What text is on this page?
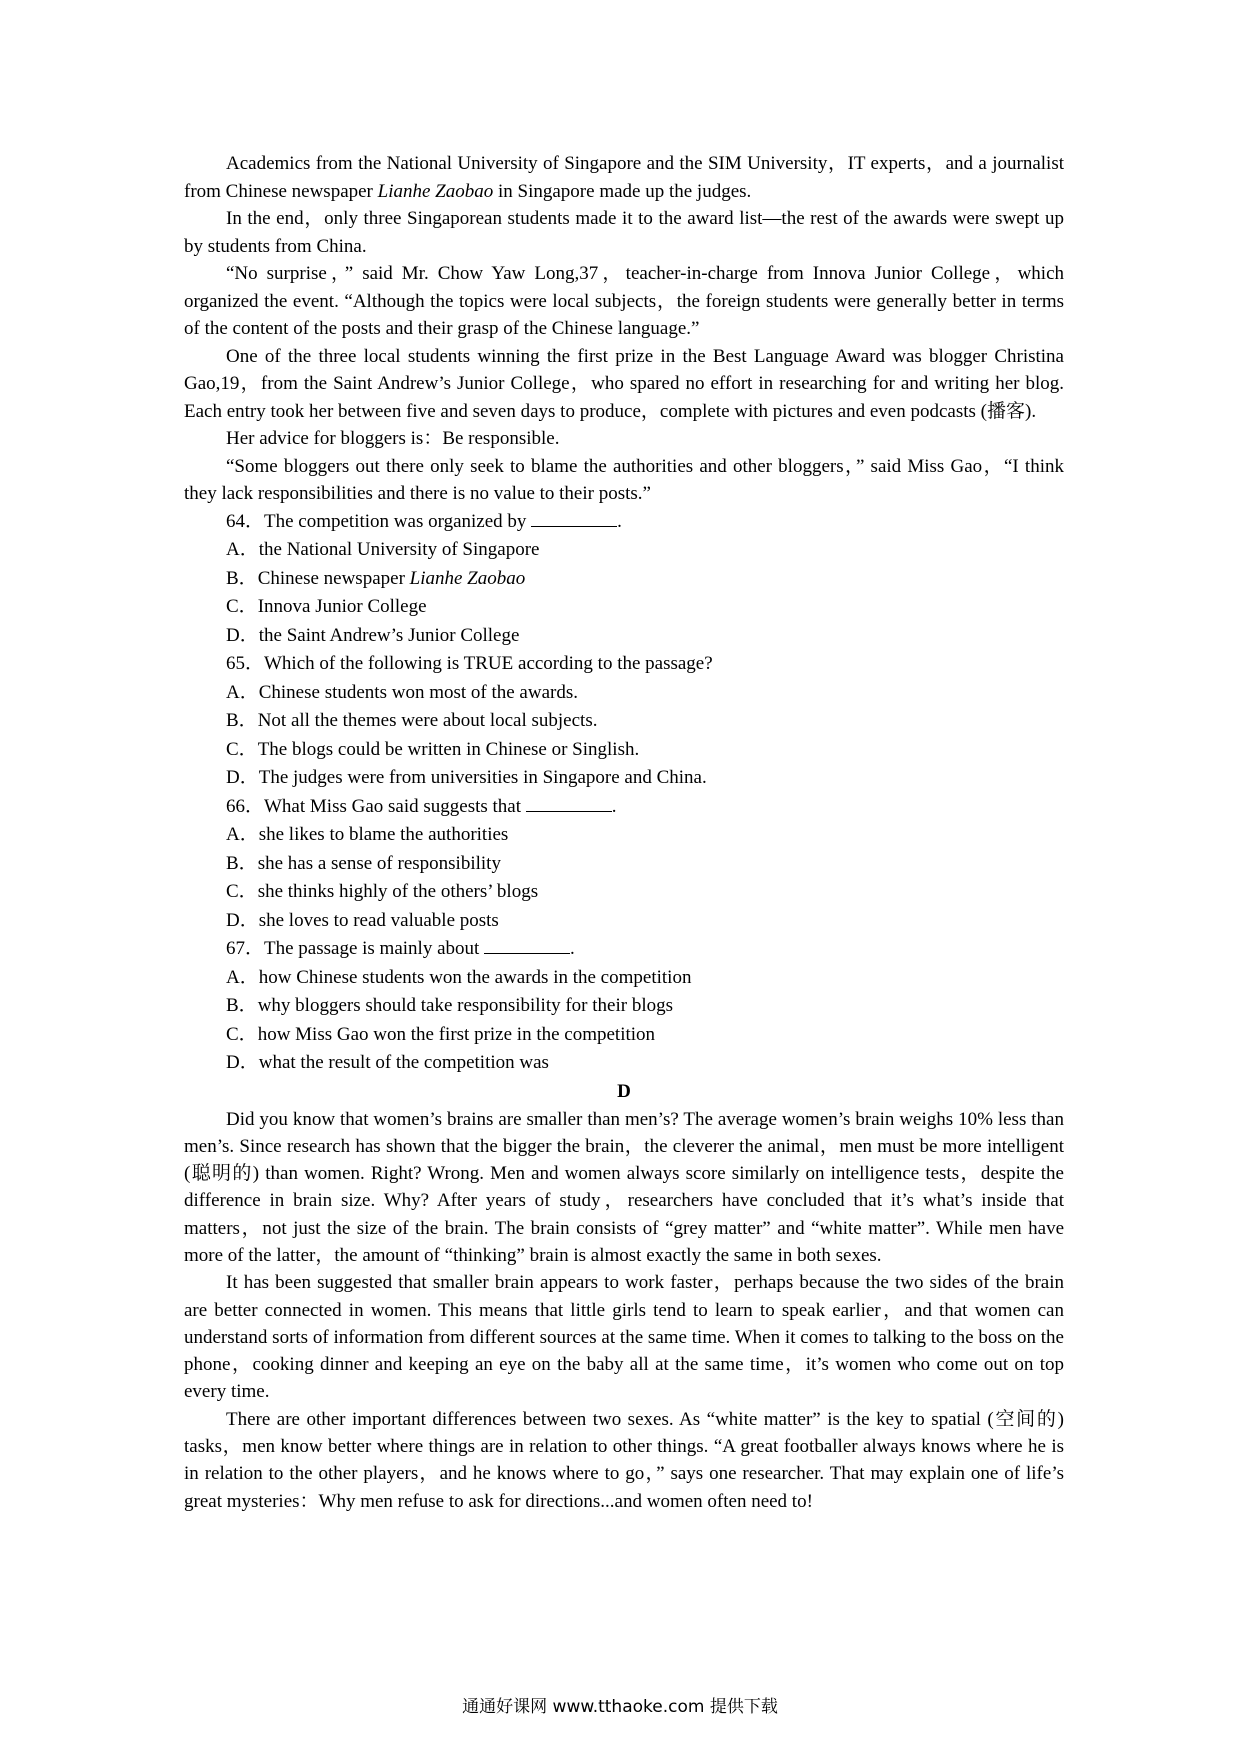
Academics from the National University of Singapore and the SIM University，IT experts，and a journalist from Chinese newspaper Lianhe Zaobao in Singapore made up the judges.

In the end，only three Singaporean students made it to the award list—the rest of the awards were swept up by students from China.

“No surprise，” said Mr. Chow Yaw Long,37，teacher-in-charge from Innova Junior College，which organized the event. “Although the topics were local subjects，the foreign students were generally better in terms of the content of the posts and their grasp of the Chinese language.”

One of the three local students winning the first prize in the Best Language Award was blogger Christina Gao,19，from the Saint Andrew’s Junior College，who spared no effort in researching for and writing her blog. Each entry took her between five and seven days to produce，complete with pictures and even podcasts (播客).

Her advice for bloggers is：Be responsible.

“Some bloggers out there only seek to blame the authorities and other bloggers，” said Miss Gao，“I think they lack responsibilities and there is no value to their posts.”

64．The competition was organized by	.

A．the National University of Singapore

B．Chinese newspaper Lianhe Zaobao

C．Innova Junior College

D．the Saint Andrew’s Junior College

65．Which of the following is TRUE according to the passage?

A．Chinese students won most of the awards.

B．Not all the themes were about local subjects.

C．The blogs could be written in Chinese or Singlish.

D．The judges were from universities in Singapore and China.

66．What Miss Gao said suggests that	.

A．she likes to blame the authorities

B．she has a sense of responsibility

C．she thinks highly of the others’ blogs

D．she loves to read valuable posts

67．The passage is mainly about	.

A．how Chinese students won the awards in the competition

B．why bloggers should take responsibility for their blogs

C．how Miss Gao won the first prize in the competition

D．what the result of the competition was

D

Did you know that women’s brains are smaller than men’s? The average women’s brain weighs 10% less than men’s. Since research has shown that the bigger the brain，the cleverer the animal，men must be more intelligent (聪明的) than women. Right? Wrong. Men and women always score similarly on intelligence tests，despite the difference in brain size. Why? After years of study，researchers have concluded that it’s what’s inside that matters，not just the size of the brain. The brain consists of “grey matter” and “white matter”. While men have more of the latter，the amount of “thinking” brain is almost exactly the same in both sexes.

It has been suggested that smaller brain appears to work faster，perhaps because the two sides of the brain are better connected in women. This means that little girls tend to learn to speak earlier，and that women can understand sorts of information from different sources at the same time. When it comes to talking to the boss on the phone，cooking dinner and keeping an eye on the baby all at the same time，it’s women who come out on top every time.

There are other important differences between two sexes. As “white matter” is the key to spatial (空间的) tasks，men know better where things are in relation to other things. “A great footballer always knows where he is in relation to the other players，and he knows where to go，” says one researcher. That may explain one of life’s great mysteries：Why men refuse to ask for directions...and women often need to!

通通好课网 www.tthaoke.com 提供下载
